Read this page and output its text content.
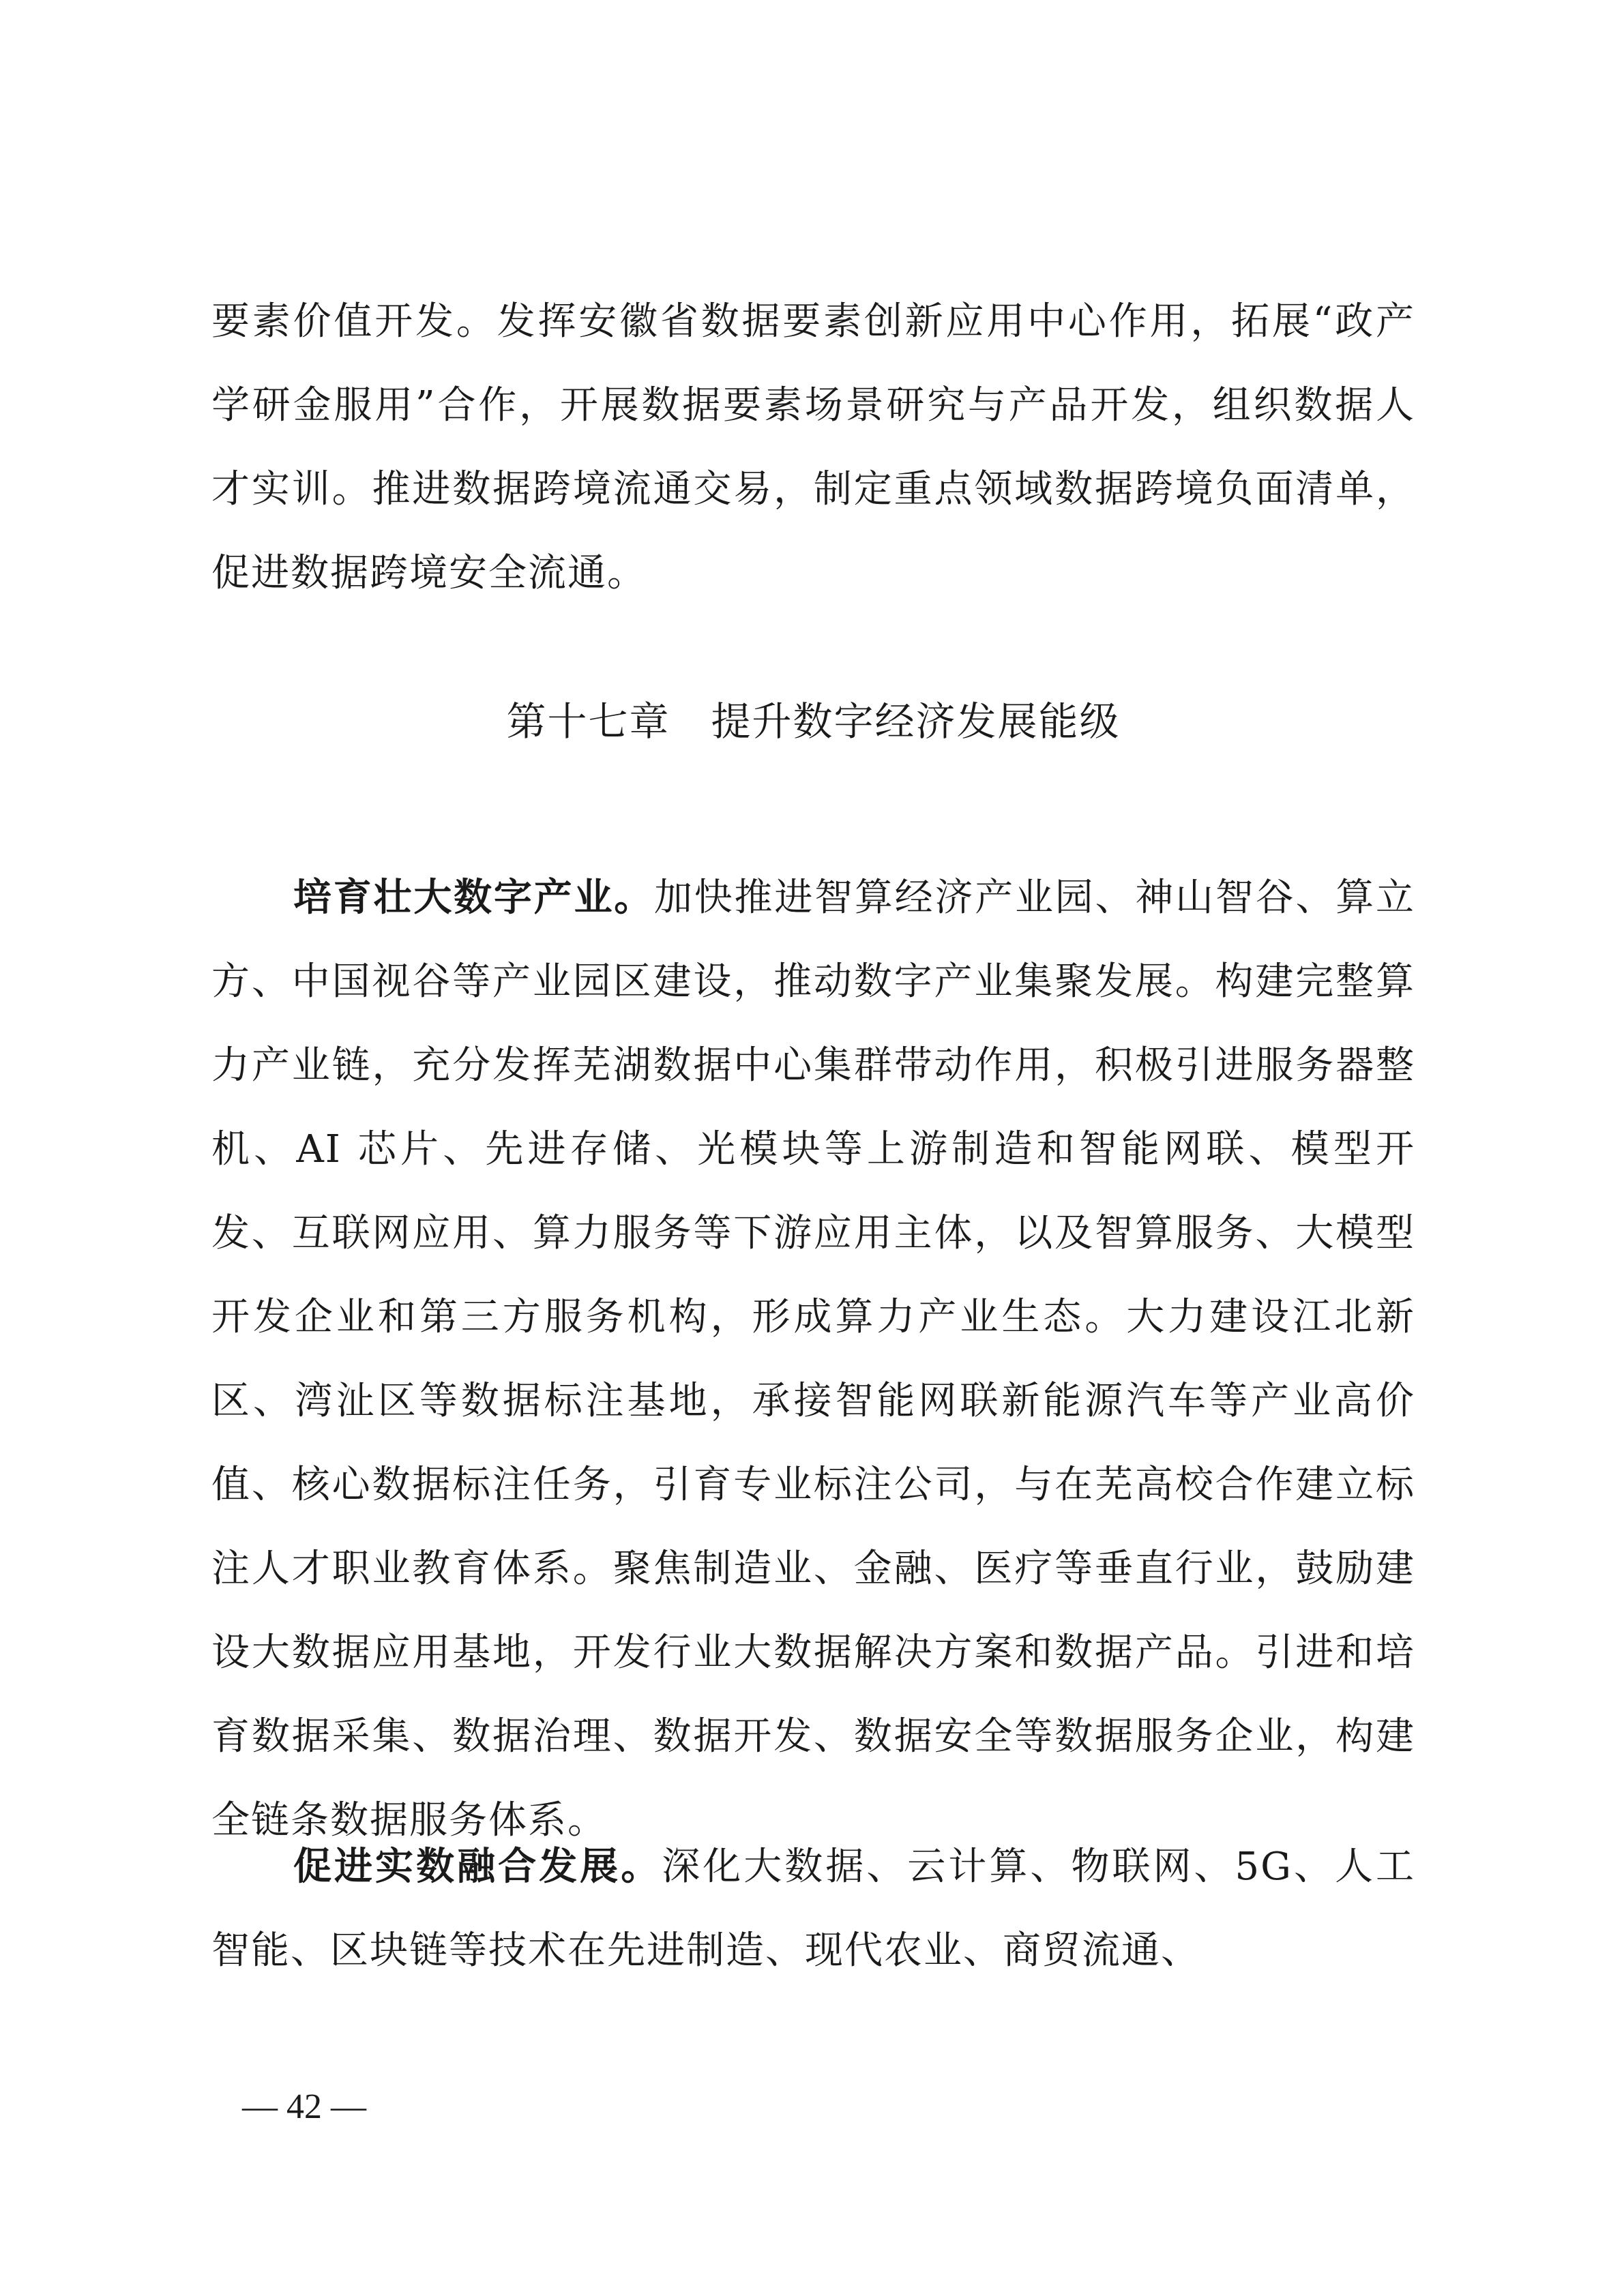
要素价值开发。发挥安徽省数据要素创新应用中心作用，拓展“政产学研金服用”合作，开展数据要素场景研究与产品开发，组织数据人才实训。推进数据跨境流通交易，制定重点领域数据跨境负面清单，促进数据跨境安全流通。
第十七章　提升数字经济发展能级
培育壮大数字产业。加快推进智算经济产业园、神山智谷、算立方、中国视谷等产业园区建设，推动数字产业集聚发展。构建完整算力产业链，充分发挥芜湖数据中心集群带动作用，积极引进服务器整机、AI 芯片、先进存储、光模块等上游制造和智能网联、模型开发、互联网应用、算力服务等下游应用主体，以及智算服务、大模型开发企业和第三方服务机构，形成算力产业生态。大力建设江北新区、湾沚区等数据标注基地，承接智能网联新能源汽车等产业高价值、核心数据标注任务，引育专业标注公司，与在芜高校合作建立标注人才职业教育体系。聚焦制造业、金融、医疗等垂直行业，鼓励建设大数据应用基地，开发行业大数据解决方案和数据产品。引进和培育数据采集、数据治理、数据开发、数据安全等数据服务企业，构建全链条数据服务体系。
促进实数融合发展。深化大数据、云计算、物联网、5G、人工智能、区块链等技术在先进制造、现代农业、商贸流通、
— 42 —
